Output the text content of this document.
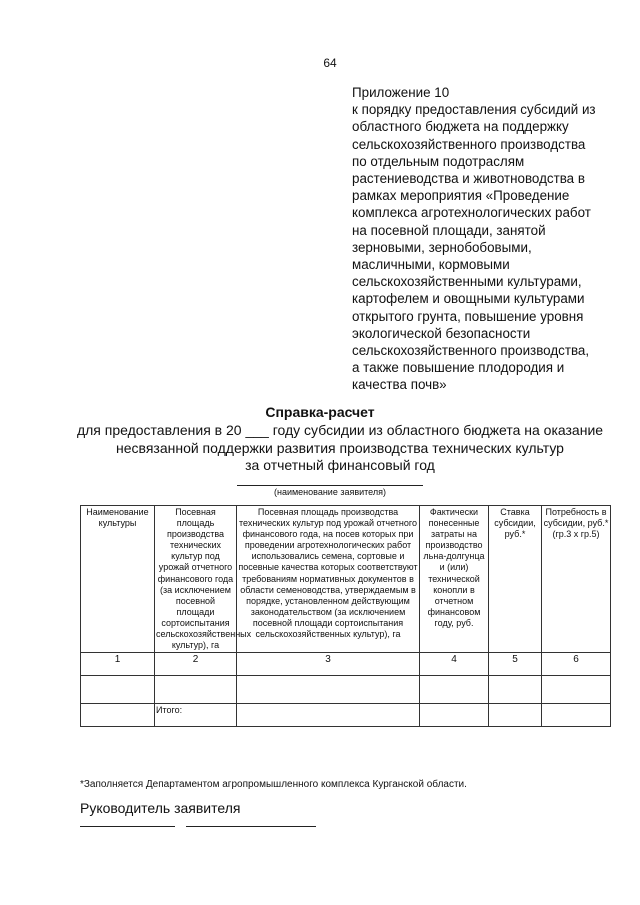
64
Приложение 10
к порядку предоставления субсидий из
областного бюджета на поддержку
сельскохозяйственного производства
по отдельным подотраслям
растениеводства и животноводства в
рамках мероприятия «Проведение
комплекса агротехнологических работ
на посевной площади, занятой
зерновыми, зернобобовыми,
масличными, кормовыми
сельскохозяйственными культурами,
картофелем и овощными культурами
открытого грунта, повышение уровня
экологической безопасности
сельскохозяйственного производства,
а также повышение плодородия и
качества почв»
Справка-расчет
для предоставления в 20 ___ году субсидии из областного бюджета на оказание
несвязанной поддержки развития производства технических культур
за отчетный финансовый год
(наименование заявителя)
Наименование культуры	Посевная площадь производства технических культур под урожай отчетного финансового года (за исключением посевной площади сортоиспытания сельскохозяйственных культур), га	Посевная площадь производства технических культур под урожай отчетного финансового года, на посев которых при проведении агротехнологических работ использовались семена, сортовые и посевные качества которых соответствуют требованиям нормативных документов в области семеноводства, утверждаемым в порядке, установленном действующим законодательством (за исключением посевной площади сортоиспытания сельскохозяйственных культур), га	Фактически понесенные затраты на производство льна-долгунца и (или) технической конопли в отчетном финансовом году, руб.	Ставка субсидии, руб.*	Потребность в субсидии, руб.* (гр.3 х гр.5)
1	2	3	4	5	6

	Итого:				
*Заполняется Департаментом агропромышленного комплекса Курганской области.
Руководитель заявителя
